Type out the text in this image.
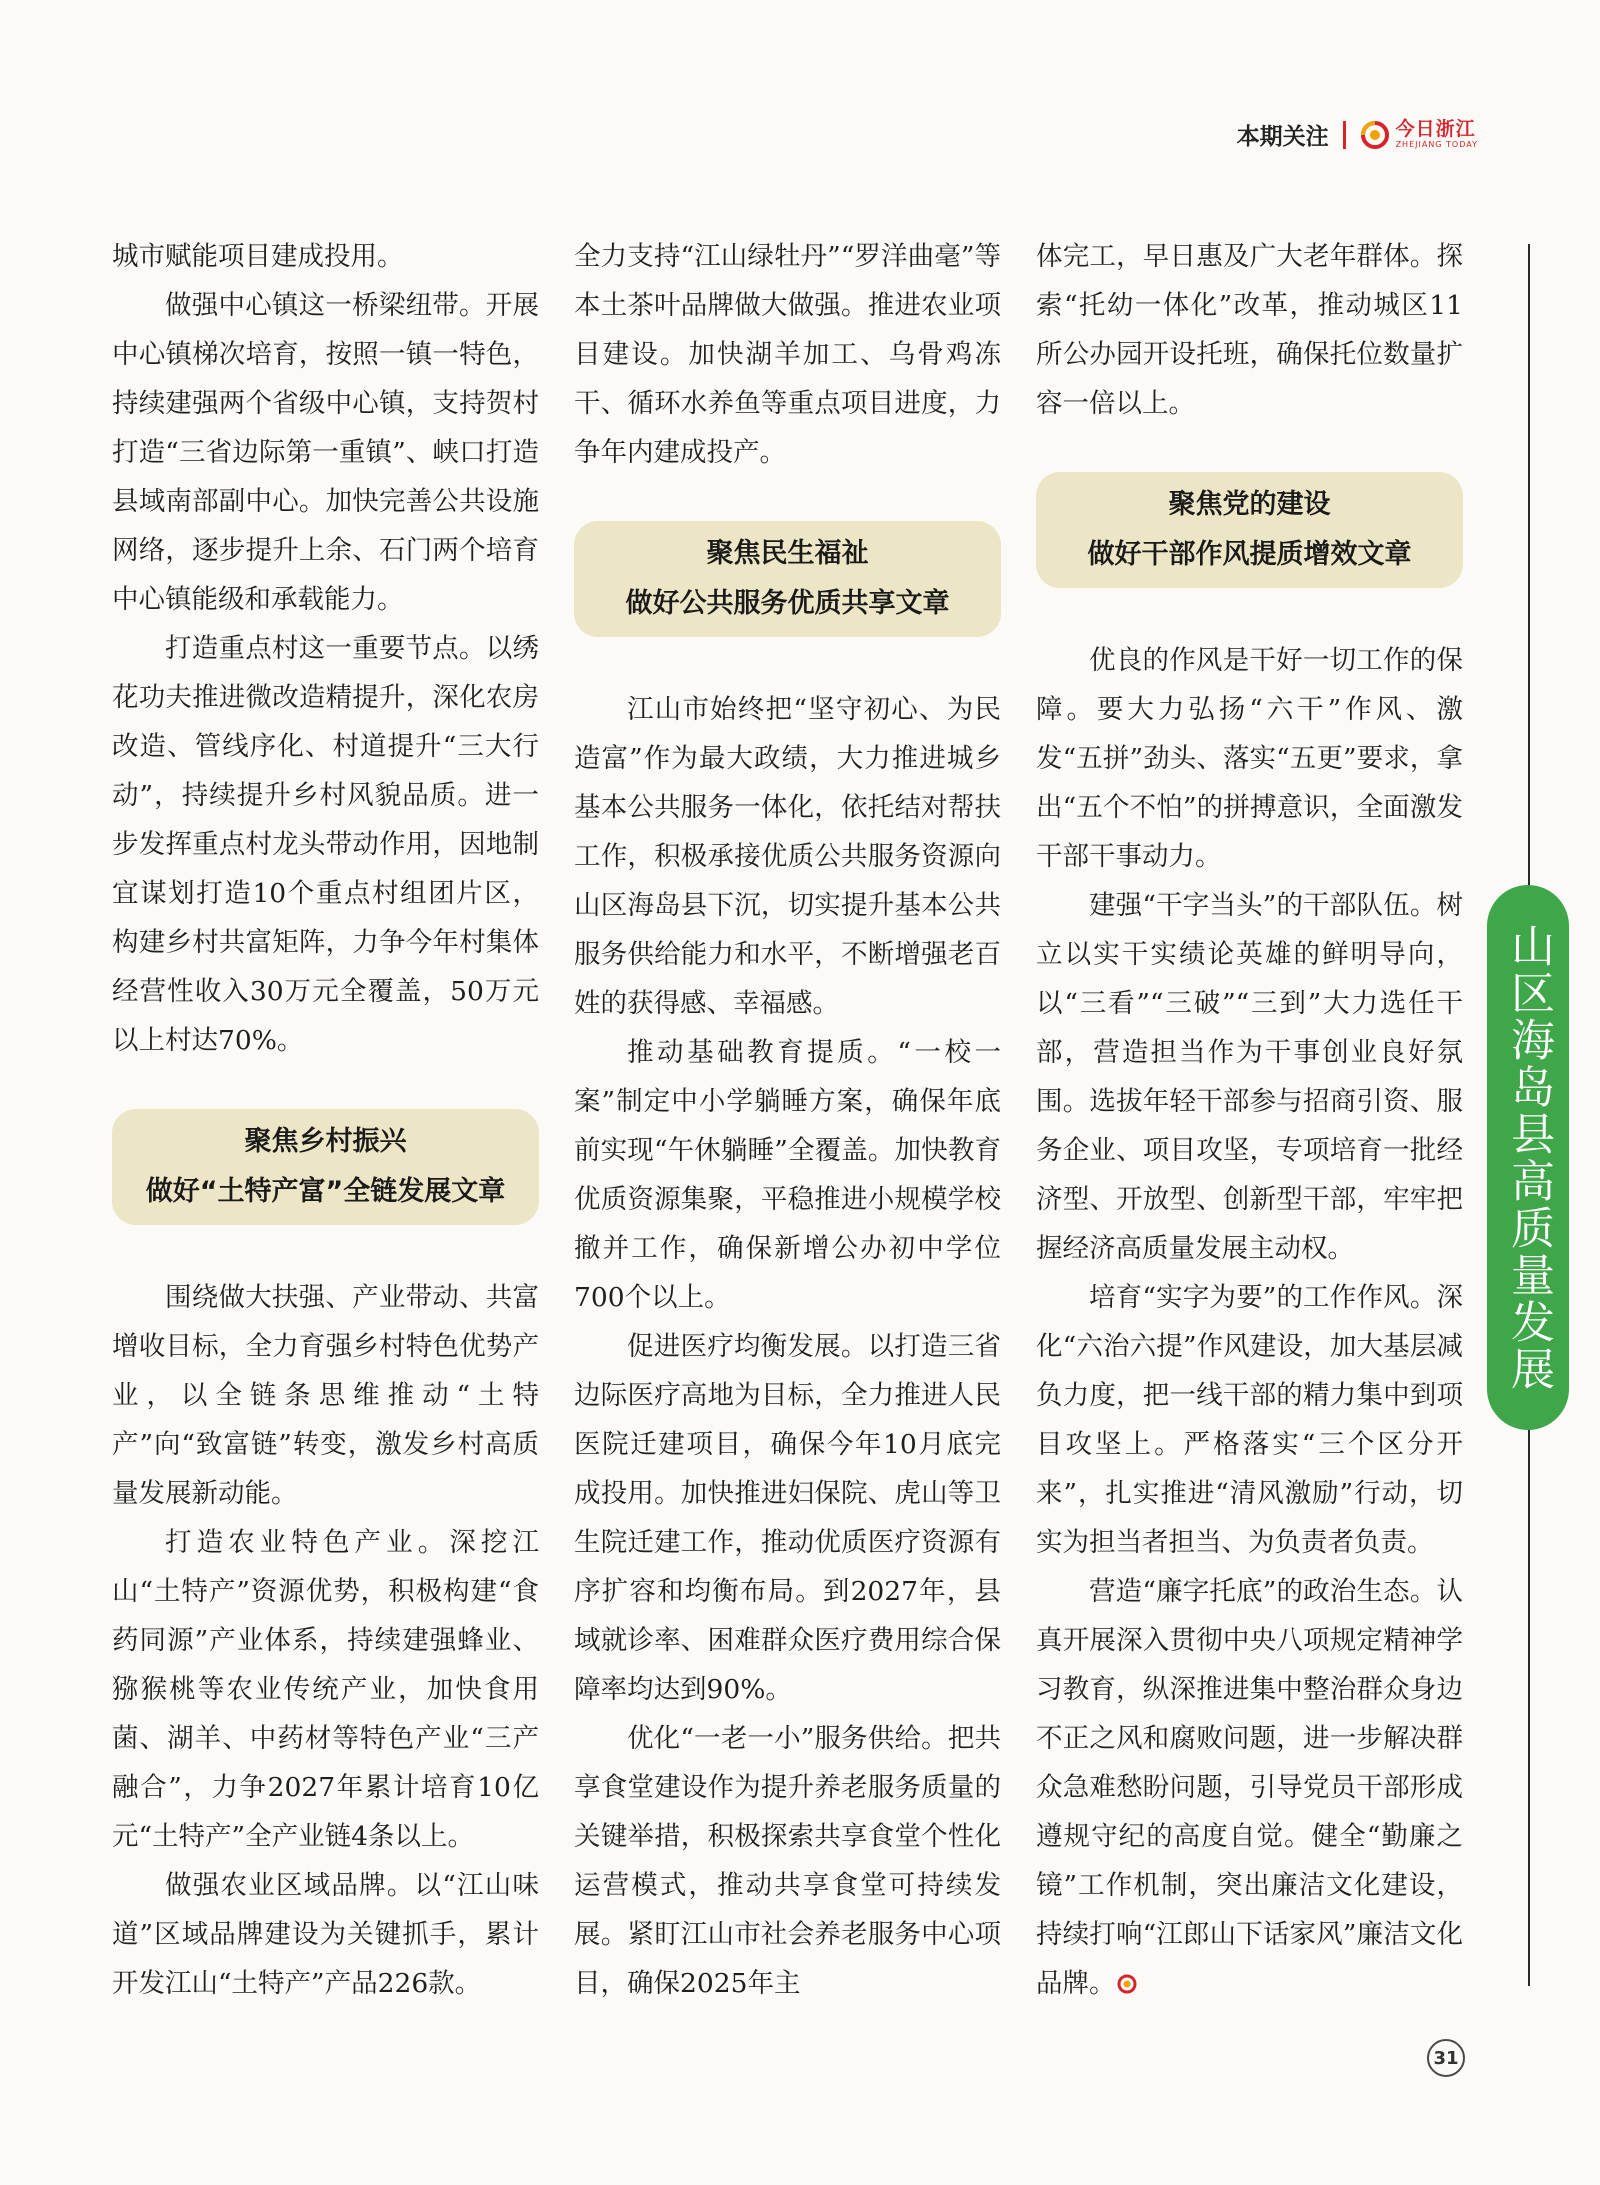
本期关注	今日浙江
ZHEJIANG TODAY

城市赋能项目建成投用。

做强中心镇这一桥梁纽带。开展中心镇梯次培育，按照一镇一特色，持续建强两个省级中心镇，支持贺村打造“三省边际第一重镇”、峡口打造县域南部副中心。加快完善公共设施网络，逐步提升上余、石门两个培育中心镇能级和承载能力。

打造重点村这一重要节点。以绣花功夫推进微改造精提升，深化农房改造、管线序化、村道提升“三大行动”，持续提升乡村风貌品质。进一步发挥重点村龙头带动作用，因地制宜谋划打造10个重点村组团片区，构建乡村共富矩阵，力争今年村集体经营性收入30万元全覆盖，50万元以上村达70%。

聚焦乡村振兴
做好“土特产富”全链发展文章

围绕做大扶强、产业带动、共富增收目标，全力育强乡村特色优势产业，以全链条思维推动“土特产”向“致富链”转变，激发乡村高质量发展新动能。

打造农业特色产业。深挖江山“土特产”资源优势，积极构建“食药同源”产业体系，持续建强蜂业、猕猴桃等农业传统产业，加快食用菌、湖羊、中药材等特色产业“三产融合”，力争2027年累计培育10亿元“土特产”全产业链4条以上。

做强农业区域品牌。以“江山味道”区域品牌建设为关键抓手，累计开发江山“土特产”产品226款。

全力支持“江山绿牡丹”“罗洋曲毫”等本土茶叶品牌做大做强。推进农业项目建设。加快湖羊加工、乌骨鸡冻干、循环水养鱼等重点项目进度，力争年内建成投产。

聚焦民生福祉
做好公共服务优质共享文章

江山市始终把“坚守初心、为民造富”作为最大政绩，大力推进城乡基本公共服务一体化，依托结对帮扶工作，积极承接优质公共服务资源向山区海岛县下沉，切实提升基本公共服务供给能力和水平，不断增强老百姓的获得感、幸福感。

推动基础教育提质。“一校一案”制定中小学躺睡方案，确保年底前实现“午休躺睡”全覆盖。加快教育优质资源集聚，平稳推进小规模学校撤并工作，确保新增公办初中学位700个以上。

促进医疗均衡发展。以打造三省边际医疗高地为目标，全力推进人民医院迁建项目，确保今年10月底完成投用。加快推进妇保院、虎山等卫生院迁建工作，推动优质医疗资源有序扩容和均衡布局。到2027年，县域就诊率、困难群众医疗费用综合保障率均达到90%。

优化“一老一小”服务供给。把共享食堂建设作为提升养老服务质量的关键举措，积极探索共享食堂个性化运营模式，推动共享食堂可持续发展。紧盯江山市社会养老服务中心项目，确保2025年主

体完工，早日惠及广大老年群体。探索“托幼一体化”改革，推动城区11所公办园开设托班，确保托位数量扩容一倍以上。

聚焦党的建设
做好干部作风提质增效文章

优良的作风是干好一切工作的保障。要大力弘扬“六干”作风、激发“五拼”劲头、落实“五更”要求，拿出“五个不怕”的拼搏意识，全面激发干部干事动力。

建强“干字当头”的干部队伍。树立以实干实绩论英雄的鲜明导向，以“三看”“三破”“三到”大力选任干部，营造担当作为干事创业良好氛围。选拔年轻干部参与招商引资、服务企业、项目攻坚，专项培育一批经济型、开放型、创新型干部，牢牢把握经济高质量发展主动权。

培育“实字为要”的工作作风。深化“六治六提”作风建设，加大基层减负力度，把一线干部的精力集中到项目攻坚上。严格落实“三个区分开来”，扎实推进“清风激励”行动，切实为担当者担当、为负责者负责。

营造“廉字托底”的政治生态。认真开展深入贯彻中央八项规定精神学习教育，纵深推进集中整治群众身边不正之风和腐败问题，进一步解决群众急难愁盼问题，引导党员干部形成遵规守纪的高度自觉。健全“勤廉之镜”工作机制，突出廉洁文化建设，持续打响“江郎山下话家风”廉洁文化品牌。

山区海岛县高质量发展
31
